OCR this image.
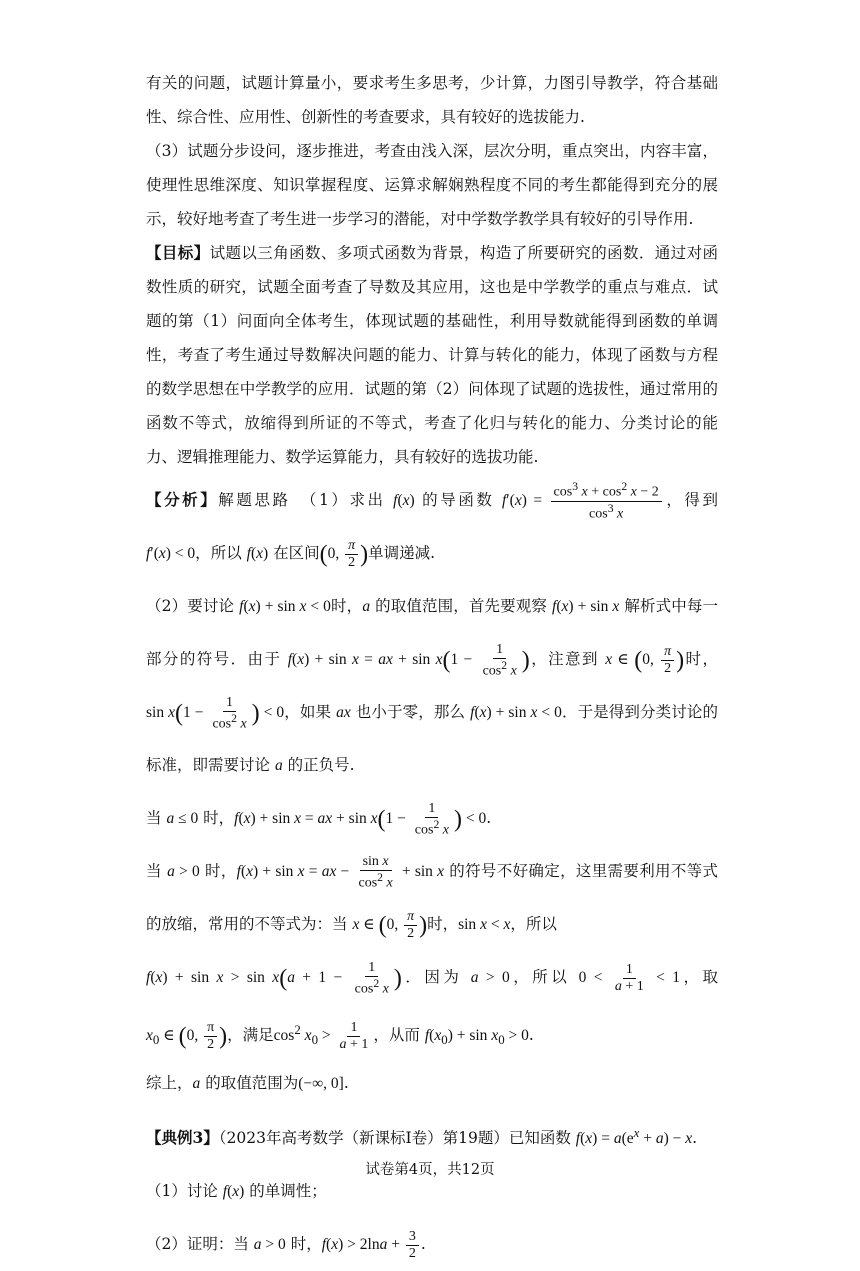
有关的问题，试题计算量小，要求考生多思考，少计算，力图引导教学，符合基础性、综合性、应用性、创新性的考查要求，具有较好的选拔能力.

（3）试题分步设问，逐步推进，考查由浅入深，层次分明，重点突出，内容丰富，使理性思维深度、知识掌握程度、运算求解娴熟程度不同的考生都能得到充分的展示，较好地考查了考生进一步学习的潜能，对中学数学教学具有较好的引导作用.

【目标】试题以三角函数、多项式函数为背景，构造了所要研究的函数．通过对函数性质的研究，试题全面考查了导数及其应用，这也是中学教学的重点与难点．试题的第（1）问面向全体考生，体现试题的基础性，利用导数就能得到函数的单调性，考查了考生通过导数解决问题的能力、计算与转化的能力，体现了函数与方程的数学思想在中学教学的应用．试题的第（2）问体现了试题的选拔性，通过常用的函数不等式，放缩得到所证的不等式，考查了化归与转化的能力、分类讨论的能力、逻辑推理能力、数学运算能力，具有较好的选拔功能.

【分析】解题思路　（1）求出 f(x) 的导函数 $f'(x) = \frac{\cos^3 x + \cos^2 x - 2}{\cos^3 x}$ ，得到 f′(x) < 0，所以 f(x) 在区间(0, $\frac{\pi}{2}$ )单调递减.

（2）要讨论 f(x) + sin x < 0时，a 的取值范围，首先要观察 f(x) + sin x 解析式中每一部分的符号．由于 f(x) + sin x = ax + $\sin x(1 - \frac{1}{\cos^2 x}$ )，注意到 x ∈ (0, $\frac{\pi}{2}$ )时，$\sin x(1 - \frac{1}{\cos^2 x}$ ) < 0，如果 ax 也小于零，那么 f(x) + sin x < 0．于是得到分类讨论的标准，即需要讨论 a 的正负号.

当 a ≤ 0 时，f(x) + sin x = ax + $\sin x(1 - \frac{1}{\cos^2 x}$ ) < 0.

当 a > 0 时，f(x) + sin x = ax − $\frac{\text{sin x}}{\cos^2 x} + \sin x$ 的符号不好确定，这里需要利用不等式的放缩，常用的不等式为：当 x ∈ (0, $\frac{\pi}{2}$ )时，sin x < x，所以

$f(x) + \sin x > \sin x(a + 1 - \frac{1}{\cos^2 x}$ )．因为 a > 0，所以 $0 < \frac{1}{a + 1} < 1$，取 $x_0$ ∈ (0, $\frac{\pi}{2}$ )，满足$\cos^2 x_0 > \frac{1}{a + 1}$ ，从而 $f(x_0) + \sin x_0 > 0$.

综上，a 的取值范围为(−∞, 0].

【典例3】（2023年高考数学（新课标Ⅰ卷）第19题）已知函数 $f(x) = a(e^x + a) - x$.

（1）讨论 f(x) 的单调性；

（2）证明：当 a > 0 时，$f(x) > 2\ln a + \frac{3}{2}$ .

试卷第4页，共12页
